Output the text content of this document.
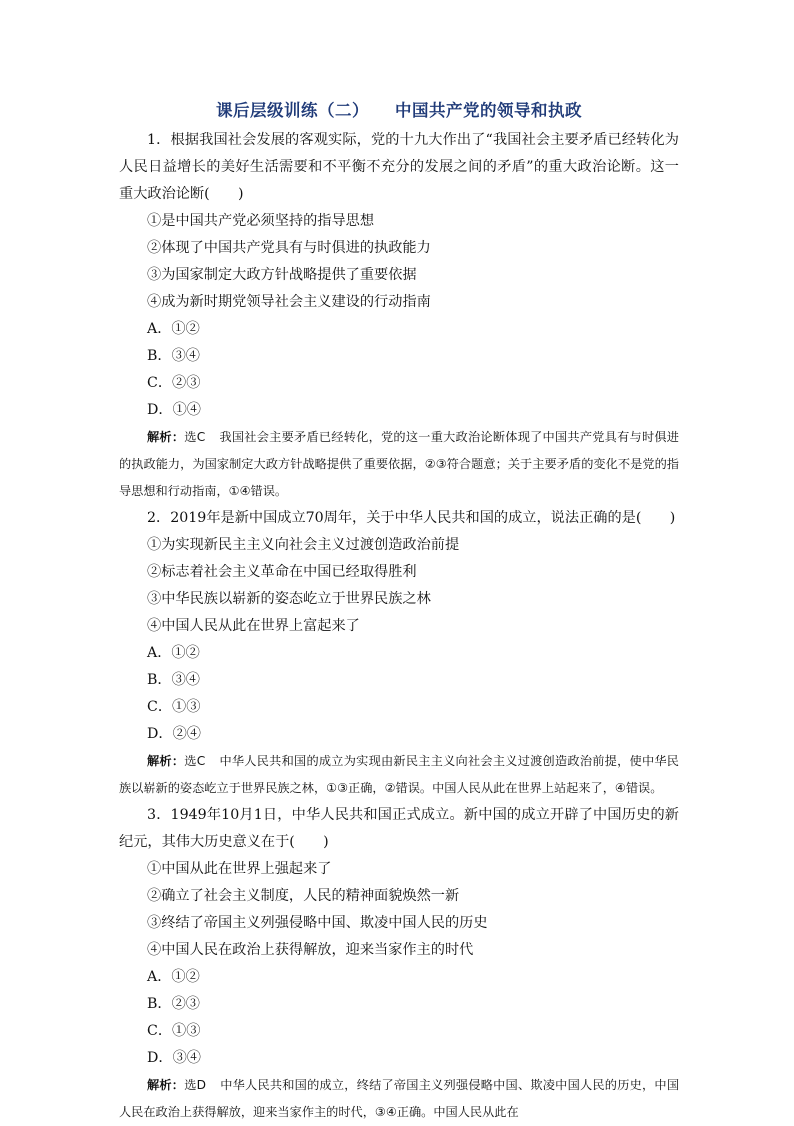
课后层级训练（二） 中国共产党的领导和执政

1．根据我国社会发展的客观实际，党的十九大作出了“我国社会主要矛盾已经转化为人民日益增长的美好生活需要和不平衡不充分的发展之间的矛盾”的重大政治论断。这一重大政治论断(　　)

①是中国共产党必须坚持的指导思想

②体现了中国共产党具有与时俱进的执政能力

③为国家制定大政方针战略提供了重要依据

④成为新时期党领导社会主义建设的行动指南

A．①②
B．③④
C．②③
D．①④

解析：选C 我国社会主要矛盾已经转化，党的这一重大政治论断体现了中国共产党具有与时俱进的执政能力，为国家制定大政方针战略提供了重要依据，②③符合题意；关于主要矛盾的变化不是党的指导思想和行动指南，①④错误。

2．2019年是新中国成立70周年，关于中华人民共和国的成立，说法正确的是(　　)

①为实现新民主主义向社会主义过渡创造政治前提

②标志着社会主义革命在中国已经取得胜利

③中华民族以崭新的姿态屹立于世界民族之林

④中国人民从此在世界上富起来了

A．①②
B．③④
C．①③
D．②④

解析：选C 中华人民共和国的成立为实现由新民主主义向社会主义过渡创造政治前提，使中华民族以崭新的姿态屹立于世界民族之林，①③正确，②错误。中国人民从此在世界上站起来了，④错误。

3．1949年10月1日，中华人民共和国正式成立。新中国的成立开辟了中国历史的新纪元，其伟大历史意义在于(　　)

①中国从此在世界上强起来了

②确立了社会主义制度，人民的精神面貌焕然一新

③终结了帝国主义列强侵略中国、欺凌中国人民的历史

④中国人民在政治上获得解放，迎来当家作主的时代

A．①②
B．②③
C．①③
D．③④

解析：选D 中华人民共和国的成立，终结了帝国主义列强侵略中国、欺凌中国人民的历史，中国人民在政治上获得解放，迎来当家作主的时代，③④正确。中国人民从此在
